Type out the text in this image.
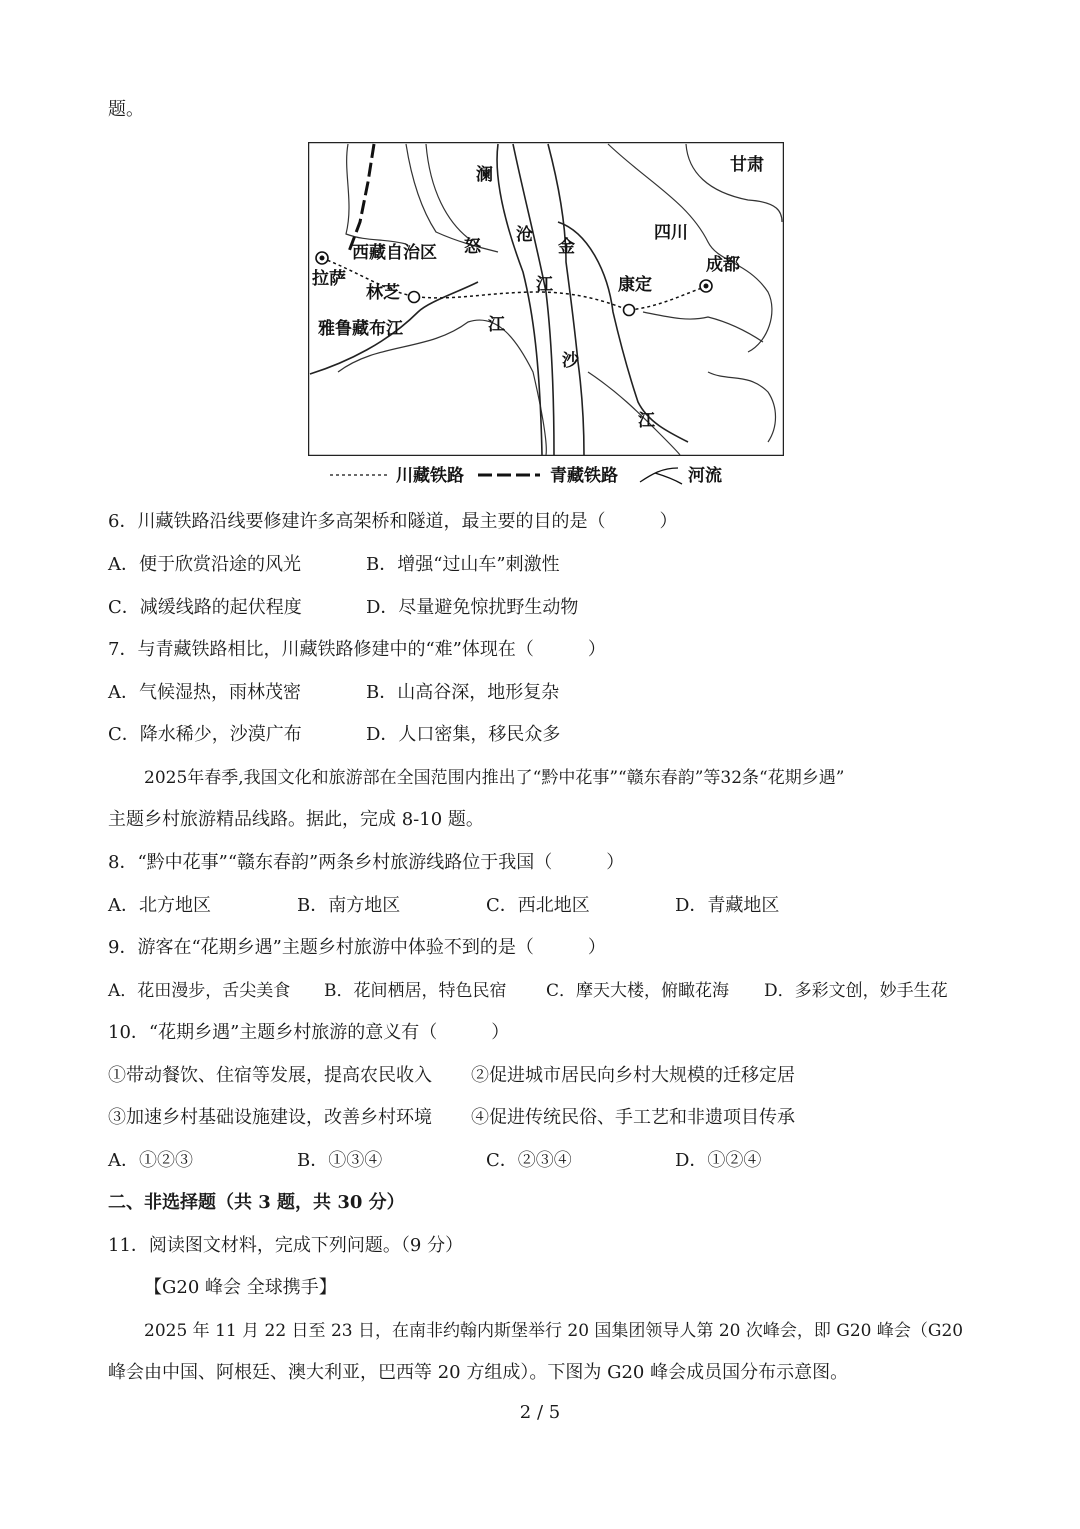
题。
甘肃
澜
沧
金
四川
西藏自治区
拉萨
怒
江	康定
成都
林芝
雅鲁藏布江	江
沙
江
川藏铁路	青藏铁路	河流
6．川藏铁路沿线要修建许多高架桥和隧道，最主要的目的是（　　　）
A．便于欣赏沿途的风光	B．增强“过山车”刺激性
C．减缓线路的起伏程度	D．尽量避免惊扰野生动物
7．与青藏铁路相比，川藏铁路修建中的“难”体现在（　　　）
A．气候湿热，雨林茂密	B．山高谷深，地形复杂
C．降水稀少，沙漠广布	D．人口密集，移民众多
2025年春季,我国文化和旅游部在全国范围内推出了“黔中花事”“赣东春韵”等32条“花期乡遇”
主题乡村旅游精品线路。据此，完成 8-10 题。
8．“黔中花事”“赣东春韵”两条乡村旅游线路位于我国（　　　）
A．北方地区	B．南方地区	C．西北地区	D．青藏地区
9．游客在“花期乡遇”主题乡村旅游中体验不到的是（　　　）
A．花田漫步，舌尖美食 B．花间栖居，特色民宿 C．摩天大楼，俯瞰花海 D．多彩文创，妙手生花
10．“花期乡遇”主题乡村旅游的意义有（　　　）
①带动餐饮、住宿等发展，提高农民收入 ②促进城市居民向乡村大规模的迁移定居
③加速乡村基础设施建设，改善乡村环境 ④促进传统民俗、手工艺和非遗项目传承
A．①②③	B．①③④	C．②③④	D．①②④
二、非选择题（共 3 题，共 30 分）
11．阅读图文材料，完成下列问题。（9 分）
【G20 峰会 全球携手】
2025 年 11 月 22 日至 23 日，在南非约翰内斯堡举行 20 国集团领导人第 20 次峰会，即 G20 峰会（G20
峰会由中国、阿根廷、澳大利亚，巴西等 20 方组成）。下图为 G20 峰会成员国分布示意图。
2 / 5
